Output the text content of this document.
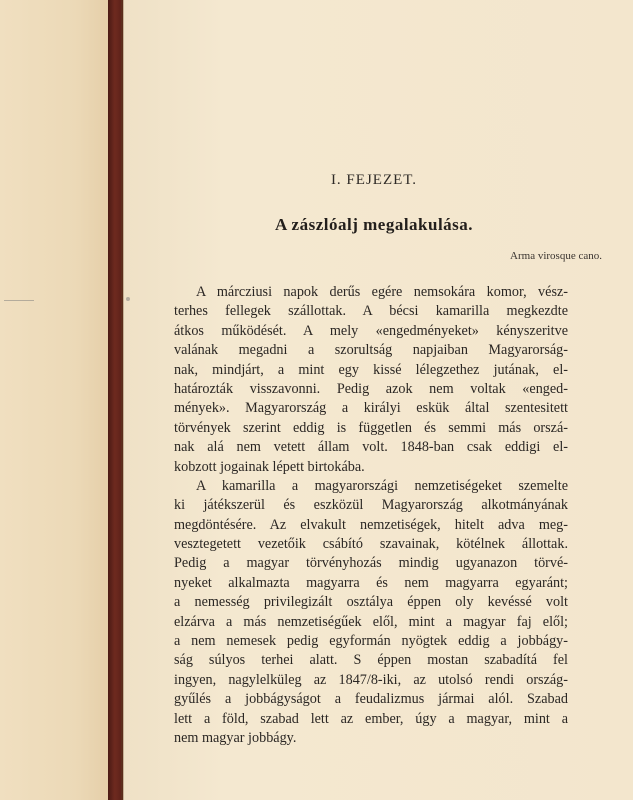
I. FEJEZET.
A zászlóalj megalakulása.
Arma virosque cano.
A márcziusi napok derűs egére nemsokára komor, vész-
terhes fellegek szállottak. A bécsi kamarilla megkezdte
átkos működését. A mely «engedményeket» kényszeritve
valának megadni a szorultság napjaiban Magyarorság-
nak, mindjárt, a mint egy kissé lélegzethez jutának, el-
határozták visszavonni. Pedig azok nem voltak «enged-
mények». Magyarország a királyi eskük által szentesitett
törvények szerint eddig is független és semmi más orszá-
nak alá nem vetett állam volt. 1848-ban csak eddigi el-
kobzott jogainak lépett birtokába.
A kamarilla a magyarországi nemzetiségeket szemelte
ki játékszerül és eszközül Magyarország alkotmányának
megdöntésére. Az elvakult nemzetiségek, hitelt adva meg-
vesztegetett vezetőik csábító szavainak, kötélnek állottak.
Pedig a magyar törvényhozás mindig ugyanazon törvé-
nyeket alkalmazta magyarra és nem magyarra egyaránt;
a nemesség privilegizált osztálya éppen oly kevéssé volt
elzárva a más nemzetiségűek elől, mint a magyar faj elől;
a nem nemesek pedig egyformán nyögtek eddig a jobbágy-
ság súlyos terhei alatt. S éppen mostan szabadítá fel
ingyen, nagylelküleg az 1847/8-iki, az utolsó rendi ország-
gyűlés a jobbágyságot a feudalizmus jármai alól. Szabad
lett a föld, szabad lett az ember, úgy a magyar, mint a
nem magyar jobbágy.
